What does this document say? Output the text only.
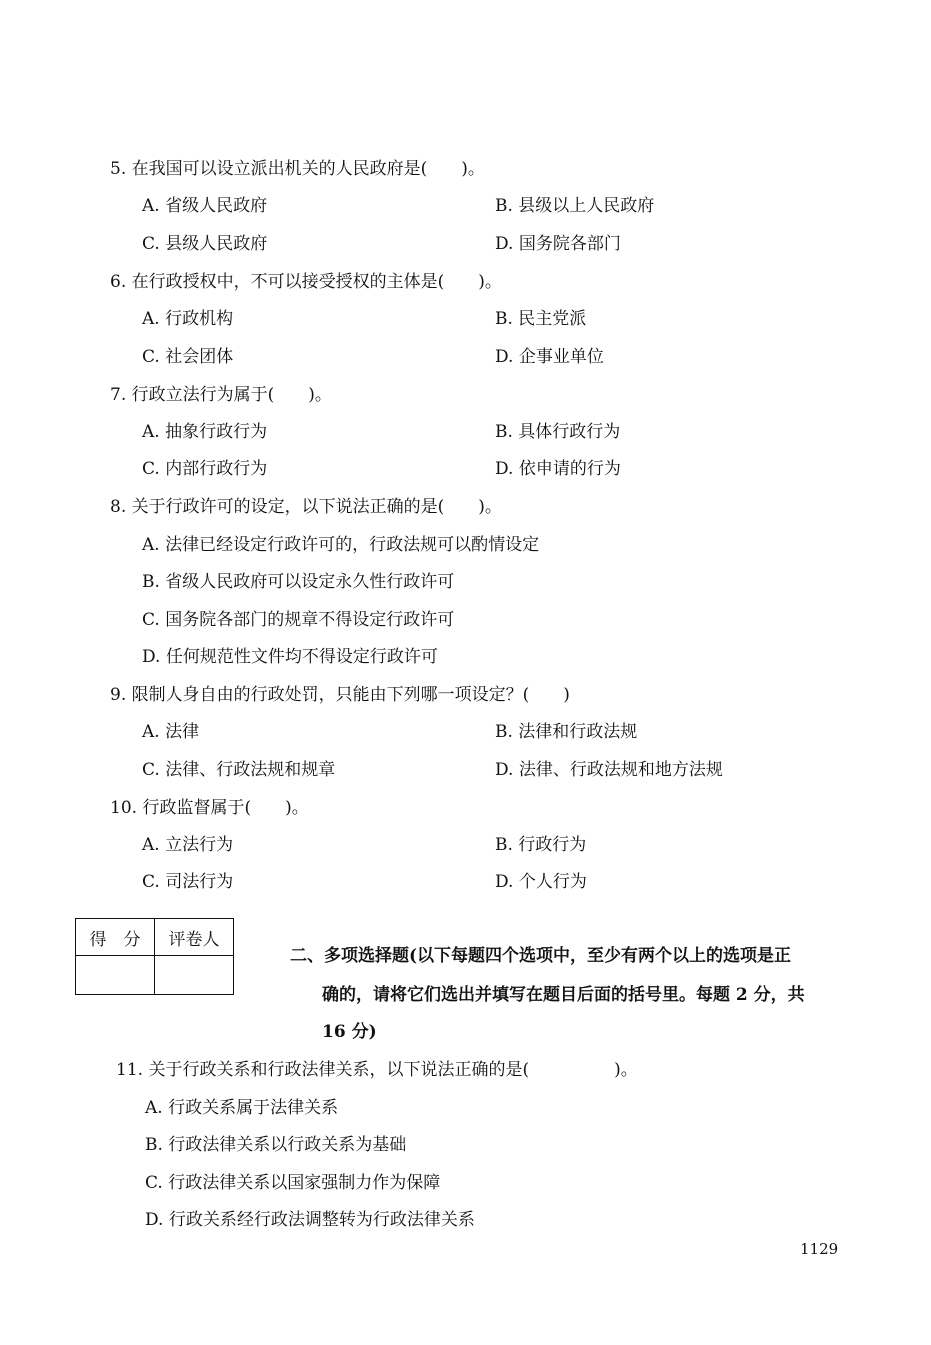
5. 在我国可以设立派出机关的人民政府是(　　)。
A. 省级人民政府	B. 县级以上人民政府
C. 县级人民政府	D. 国务院各部门
6. 在行政授权中，不可以接受授权的主体是(　　)。
A. 行政机构	B. 民主党派
C. 社会团体	D. 企事业单位
7. 行政立法行为属于(　　)。
A. 抽象行政行为	B. 具体行政行为
C. 内部行政行为	D. 依申请的行为
8. 关于行政许可的设定，以下说法正确的是(　　)。
A. 法律已经设定行政许可的，行政法规可以酌情设定
B. 省级人民政府可以设定永久性行政许可
C. 国务院各部门的规章不得设定行政许可
D. 任何规范性文件均不得设定行政许可
9. 限制人身自由的行政处罚，只能由下列哪一项设定？(　　)
A. 法律	B. 法律和行政法规
C. 法律、行政法规和规章	D. 法律、行政法规和地方法规
10. 行政监督属于(　　)。
A. 立法行为	B. 行政行为
C. 司法行为	D. 个人行为
得　分	评卷人

二、多项选择题(以下每题四个选项中，至少有两个以上的选项是正
确的，请将它们选出并填写在题目后面的括号里。每题 2 分，共
16 分)
11. 关于行政关系和行政法律关系，以下说法正确的是(　　　　　)。
A. 行政关系属于法律关系
B. 行政法律关系以行政关系为基础
C. 行政法律关系以国家强制力作为保障
D. 行政关系经行政法调整转为行政法律关系
1129
